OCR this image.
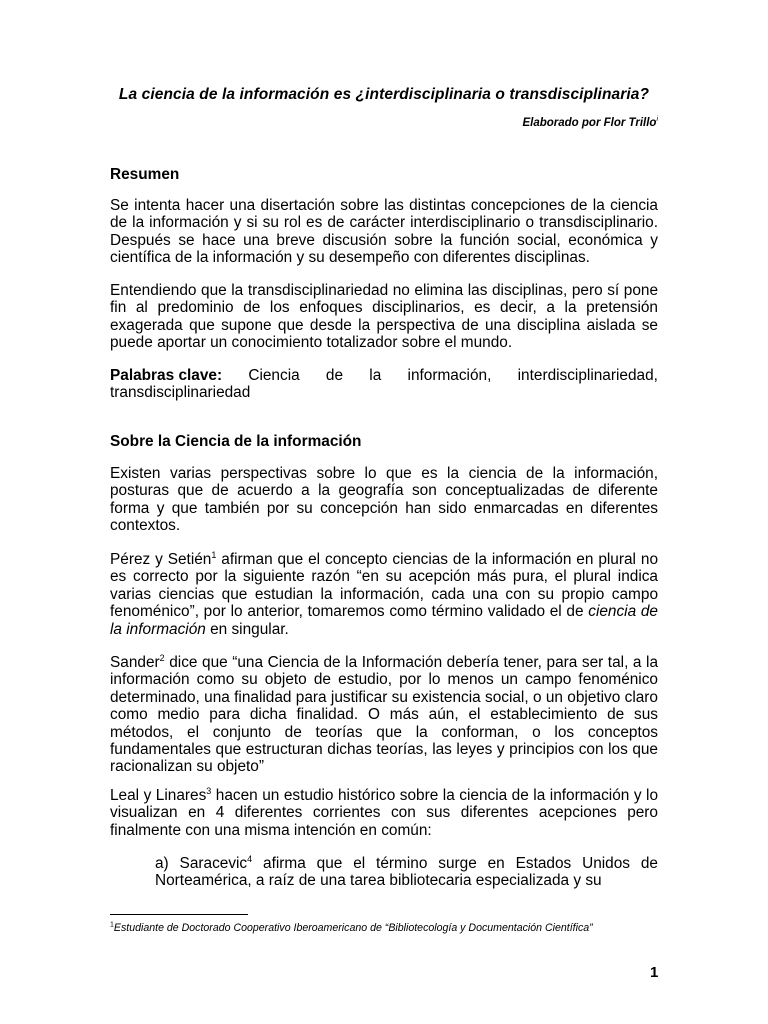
La ciencia de la información es ¿interdisciplinaria o transdisciplinaria?
Elaborado por Flor Trillo$^i$
Resumen
Se intenta hacer una disertación sobre las distintas concepciones de la ciencia de la información y si su rol es de carácter interdisciplinario o transdisciplinario. Después se hace una breve discusión sobre la función social, económica y científica de la información y su desempeño con diferentes disciplinas.
Entendiendo que la transdisciplinariedad no elimina las disciplinas, pero sí pone fin al predominio de los enfoques disciplinarios, es decir, a la pretensión exagerada que supone que desde la perspectiva de una disciplina aislada se puede aportar un conocimiento totalizador sobre el mundo.
Palabras clave: Ciencia de la información, interdisciplinariedad,
transdisciplinariedad
Sobre la Ciencia de la información
Existen varias perspectivas sobre lo que es la ciencia de la información, posturas que de acuerdo a la geografía son conceptualizadas de diferente forma y que también por su concepción han sido enmarcadas en diferentes contextos.
Pérez y Setién$^1$ afirman que el concepto ciencias de la información en plural no es correcto por la siguiente razón “en su acepción más pura, el plural indica varias ciencias que estudian la información, cada una con su propio campo fenoménico”, por lo anterior, tomaremos como término validado el de ciencia de la información en singular.
Sander$^2$ dice que “una Ciencia de la Información debería tener, para ser tal, a la información como su objeto de estudio, por lo menos un campo fenoménico determinado, una finalidad para justificar su existencia social, o un objetivo claro como medio para dicha finalidad. O más aún, el establecimiento de sus métodos, el conjunto de teorías que la conforman, o los conceptos fundamentales que estructuran dichas teorías, las leyes y principios con los que racionalizan su objeto”
Leal y Linares$^3$ hacen un estudio histórico sobre la ciencia de la información y lo visualizan en 4 diferentes corrientes con sus diferentes acepciones pero finalmente con una misma intención en común:
a) Saracevic$^4$ afirma que el término surge en Estados Unidos de Norteamérica, a raíz de una tarea bibliotecaria especializada y su
$^1$Estudiante de Doctorado Cooperativo Iberoamericano de “Bibliotecología y Documentación Científica”
1
